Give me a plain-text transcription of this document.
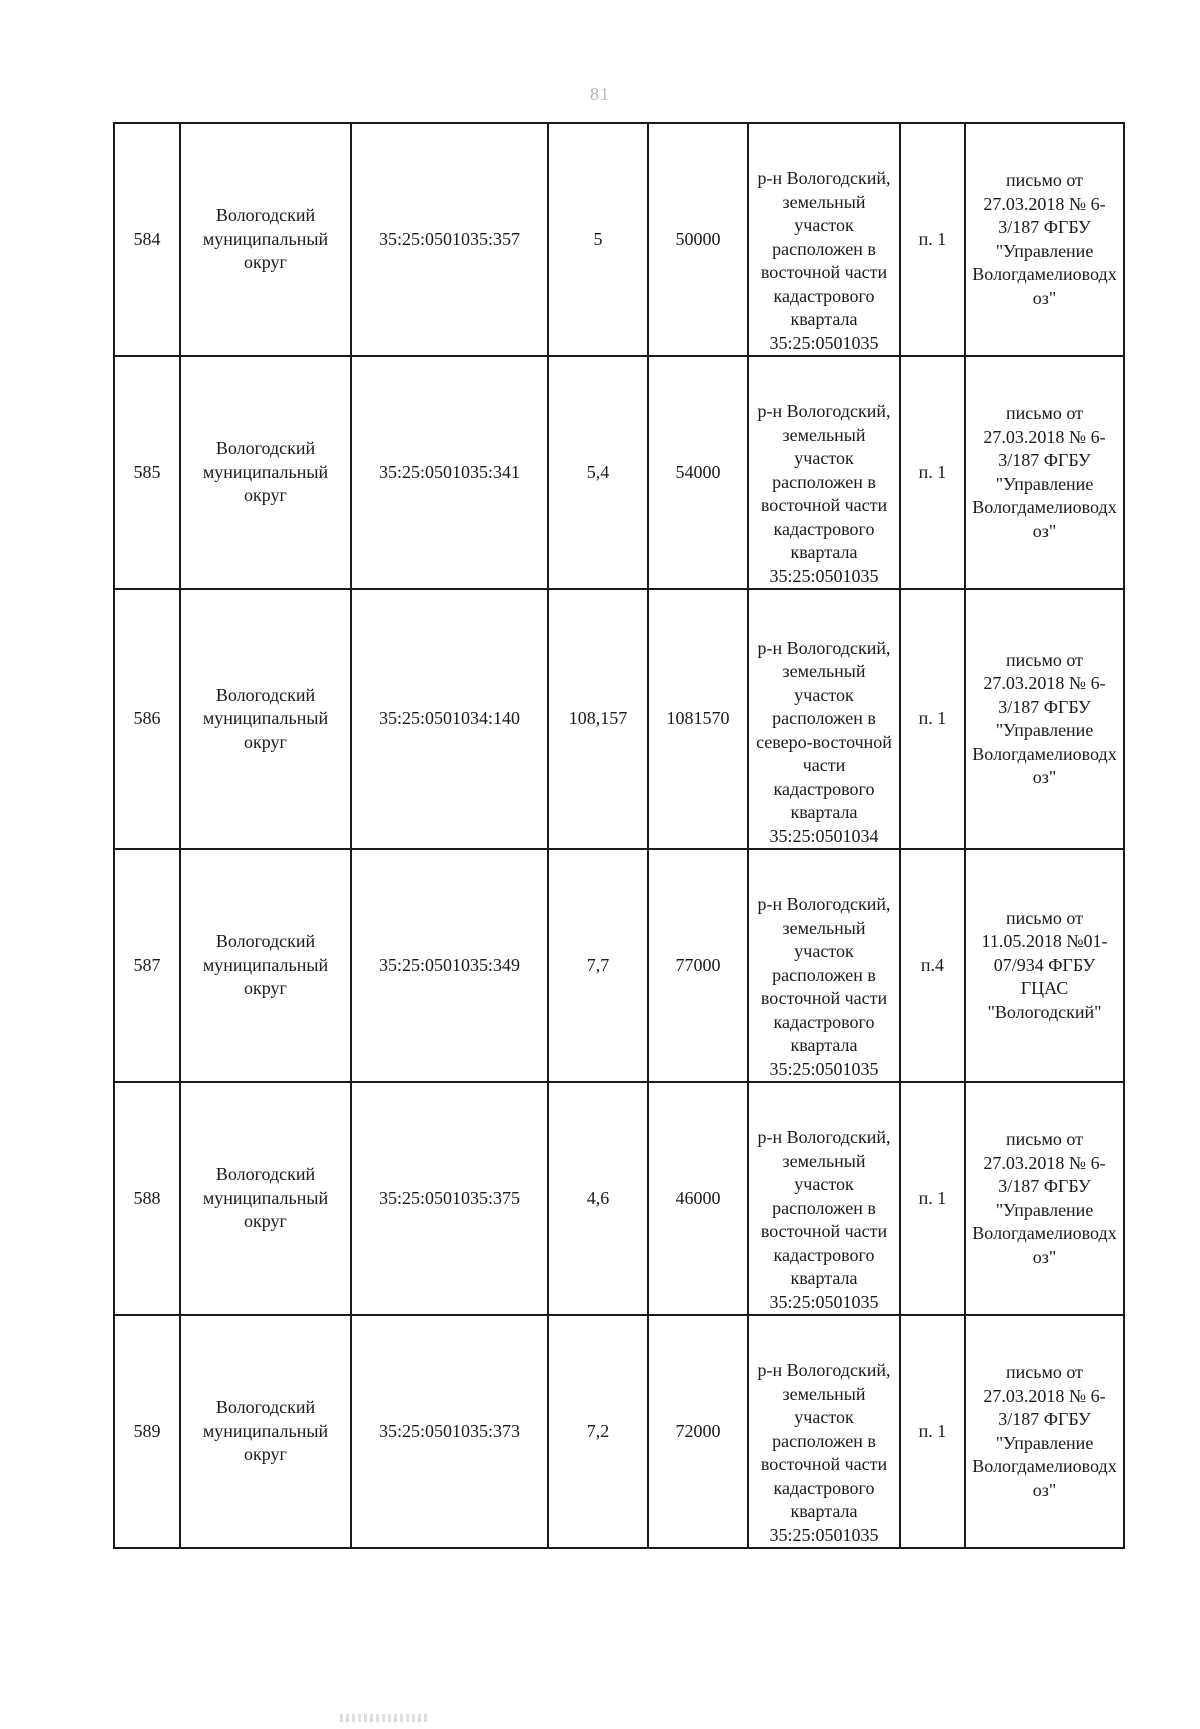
81
584	Вологодский муниципальный округ	35:25:0501035:357	5	50000	р-н Вологодский, земельный участок расположен в восточной части кадастрового квартала 35:25:0501035	п. 1	письмо от 27.03.2018 № 6-3/187 ФГБУ "Управление Вологдамелиоводхоз"
585	Вологодский муниципальный округ	35:25:0501035:341	5,4	54000	р-н Вологодский, земельный участок расположен в восточной части кадастрового квартала 35:25:0501035	п. 1	письмо от 27.03.2018 № 6-3/187 ФГБУ "Управление Вологдамелиоводхоз"
586	Вологодский муниципальный округ	35:25:0501034:140	108,157	1081570	р-н Вологодский, земельный участок расположен в северо-восточной части кадастрового квартала 35:25:0501034	п. 1	письмо от 27.03.2018 № 6-3/187 ФГБУ "Управление Вологдамелиоводхоз"
587	Вологодский муниципальный округ	35:25:0501035:349	7,7	77000	р-н Вологодский, земельный участок расположен в восточной части кадастрового квартала 35:25:0501035	п.4	письмо от 11.05.2018 №01-07/934 ФГБУ ГЦАС "Вологодский"
588	Вологодский муниципальный округ	35:25:0501035:375	4,6	46000	р-н Вологодский, земельный участок расположен в восточной части кадастрового квартала 35:25:0501035	п. 1	письмо от 27.03.2018 № 6-3/187 ФГБУ "Управление Вологдамелиоводхоз"
589	Вологодский муниципальный округ	35:25:0501035:373	7,2	72000	р-н Вологодский, земельный участок расположен в восточной части кадастрового квартала 35:25:0501035	п. 1	письмо от 27.03.2018 № 6-3/187 ФГБУ "Управление Вологдамелиоводхоз"
